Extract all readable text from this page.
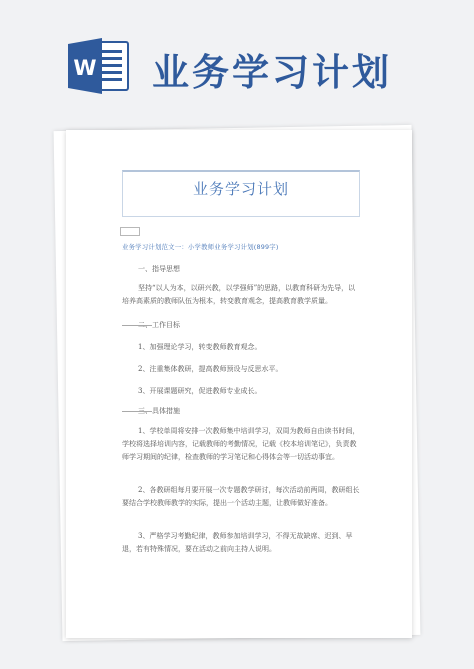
W 业务学习计划
业务学习计划
业务学习计划范文一：小学教师业务学习计划(899字)
一、指导思想
坚持“以人为本，以研兴教，以学强师”的思路，以教育科研为先导，以培养高素质的教师队伍为根本，转变教育观念，提高教育教学质量。
二、工作目标
1、加强理论学习，转变教师教育观念。
2、注重集体教研，提高教师预设与反思水平。
3、开展课题研究，促进教师专业成长。
三、具体措施
1、学校单周将安排一次教师集中培训学习，双周为教师自由读书时间，学校将选择培训内容，记载教师的考勤情况，记载《校本培训笔记》，负责教师学习期间的纪律，检查教师的学习笔记和心得体会等一切活动事宜。
2、各教研组每月要开展一次专题教学研讨，每次活动前两周，教研组长要结合学校教师教学的实际，提出一个活动主题，让教师做好准备。
3、严格学习考勤纪律，教师参加培训学习，不得无故缺席、迟到、早退，若有特殊情况，要在活动之前向主持人说明。
